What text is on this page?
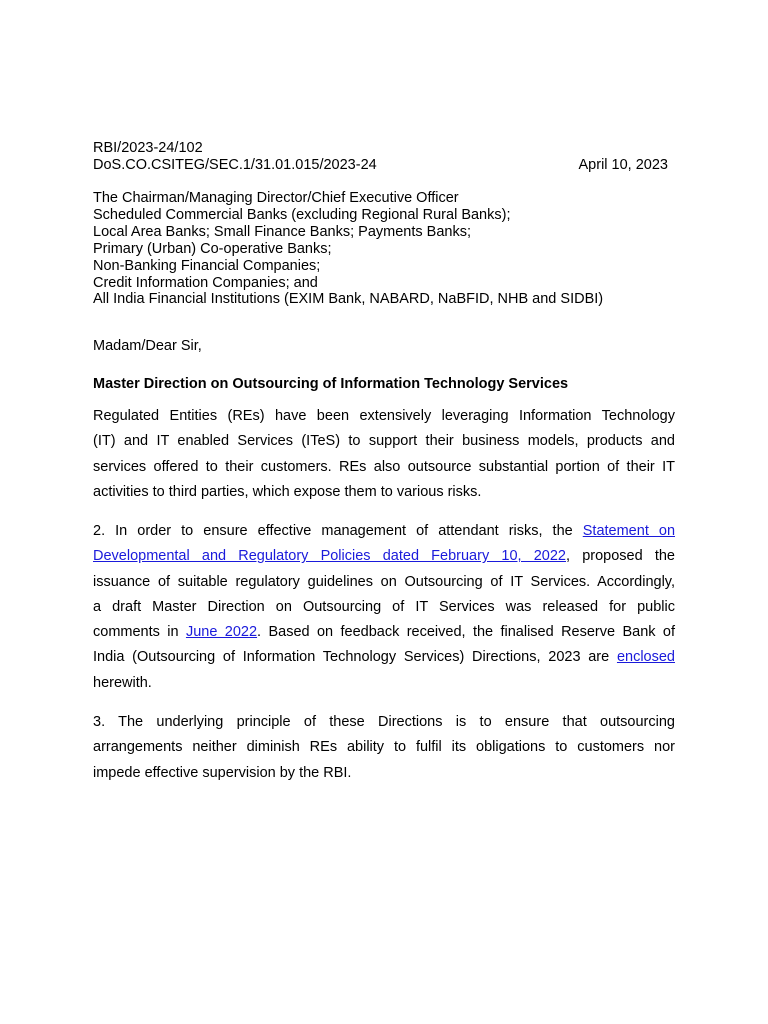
RBI/2023-24/102
DoS.CO.CSITEG/SEC.1/31.01.015/2023-24	April 10, 2023
The Chairman/Managing Director/Chief Executive Officer
Scheduled Commercial Banks (excluding Regional Rural Banks);
Local Area Banks; Small Finance Banks; Payments Banks;
Primary (Urban) Co-operative Banks;
Non-Banking Financial Companies;
Credit Information Companies; and
All India Financial Institutions (EXIM Bank, NABARD, NaBFID, NHB and SIDBI)
Madam/Dear Sir,
Master Direction on Outsourcing of Information Technology Services
Regulated Entities (REs) have been extensively leveraging Information Technology
(IT) and IT enabled Services (ITeS) to support their business models, products and
services offered to their customers. REs also outsource substantial portion of their IT
activities to third parties, which expose them to various risks.
2. In order to ensure effective management of attendant risks, the Statement on
Developmental and Regulatory Policies dated February 10, 2022, proposed the
issuance of suitable regulatory guidelines on Outsourcing of IT Services. Accordingly,
a draft Master Direction on Outsourcing of IT Services was released for public
comments in June 2022. Based on feedback received, the finalised Reserve Bank of
India (Outsourcing of Information Technology Services) Directions, 2023 are enclosed
herewith.
3. The underlying principle of these Directions is to ensure that outsourcing
arrangements neither diminish REs ability to fulfil its obligations to customers nor
impede effective supervision by the RBI.
